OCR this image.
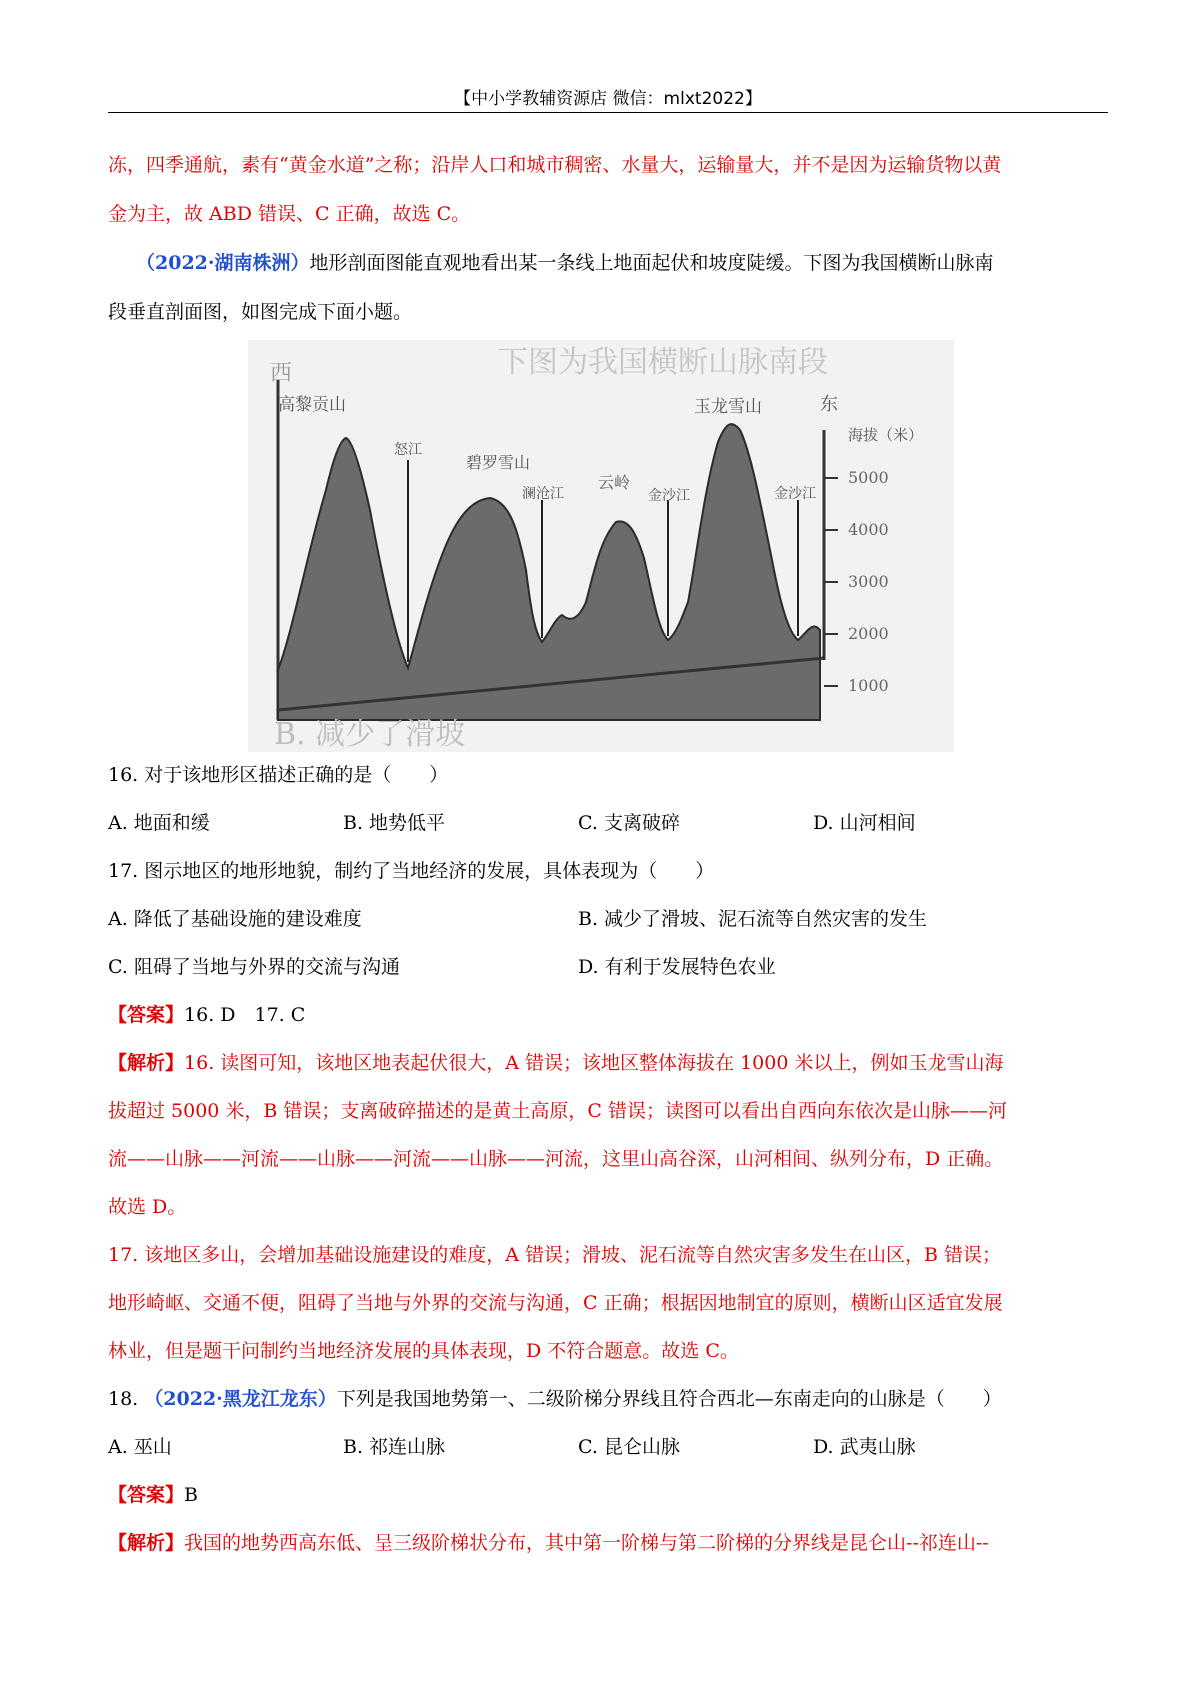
【中小学教辅资源店 微信：mlxt2022】
冻，四季通航，素有“黄金水道”之称；沿岸人口和城市稠密、水量大，运输量大，并不是因为运输货物以黄
金为主，故 ABD 错误、C 正确，故选 C。
（2022·湖南株洲）地形剖面图能直观地看出某一条线上地面起伏和坡度陡缓。下图为我国横断山脉南
段垂直剖面图，如图完成下面小题。
下图为我国横断山脉南段
西
高黎贡山
碧罗雪山
云岭
玉龙雪山
怒江
澜沧江	金沙江	金沙江
东
海拔（米）
5000
4000
3000
2000
1000
B. 减少了滑坡
16. 对于该地形区描述正确的是（　　）
A. 地面和缓	B. 地势低平	C. 支离破碎	D. 山河相间
17. 图示地区的地形地貌，制约了当地经济的发展，具体表现为（　　）
A. 降低了基础设施的建设难度	B. 减少了滑坡、泥石流等自然灾害的发生
C. 阻碍了当地与外界的交流与沟通	D. 有利于发展特色农业
【答案】16. D　17. C
【解析】16. 读图可知，该地区地表起伏很大，A 错误；该地区整体海拔在 1000 米以上，例如玉龙雪山海
拔超过 5000 米，B 错误；支离破碎描述的是黄土高原，C 错误；读图可以看出自西向东依次是山脉——河
流——山脉——河流——山脉——河流——山脉——河流，这里山高谷深，山河相间、纵列分布，D 正确。
故选 D。
17. 该地区多山，会增加基础设施建设的难度，A 错误；滑坡、泥石流等自然灾害多发生在山区，B 错误；
地形崎岖、交通不便，阻碍了当地与外界的交流与沟通，C 正确；根据因地制宜的原则，横断山区适宜发展
林业，但是题干问制约当地经济发展的具体表现，D 不符合题意。故选 C。
18. （2022·黑龙江龙东）下列是我国地势第一、二级阶梯分界线且符合西北—东南走向的山脉是（　　）
A. 巫山	B. 祁连山脉	C. 昆仑山脉	D. 武夷山脉
【答案】B
【解析】我国的地势西高东低、呈三级阶梯状分布，其中第一阶梯与第二阶梯的分界线是昆仑山--祁连山--
